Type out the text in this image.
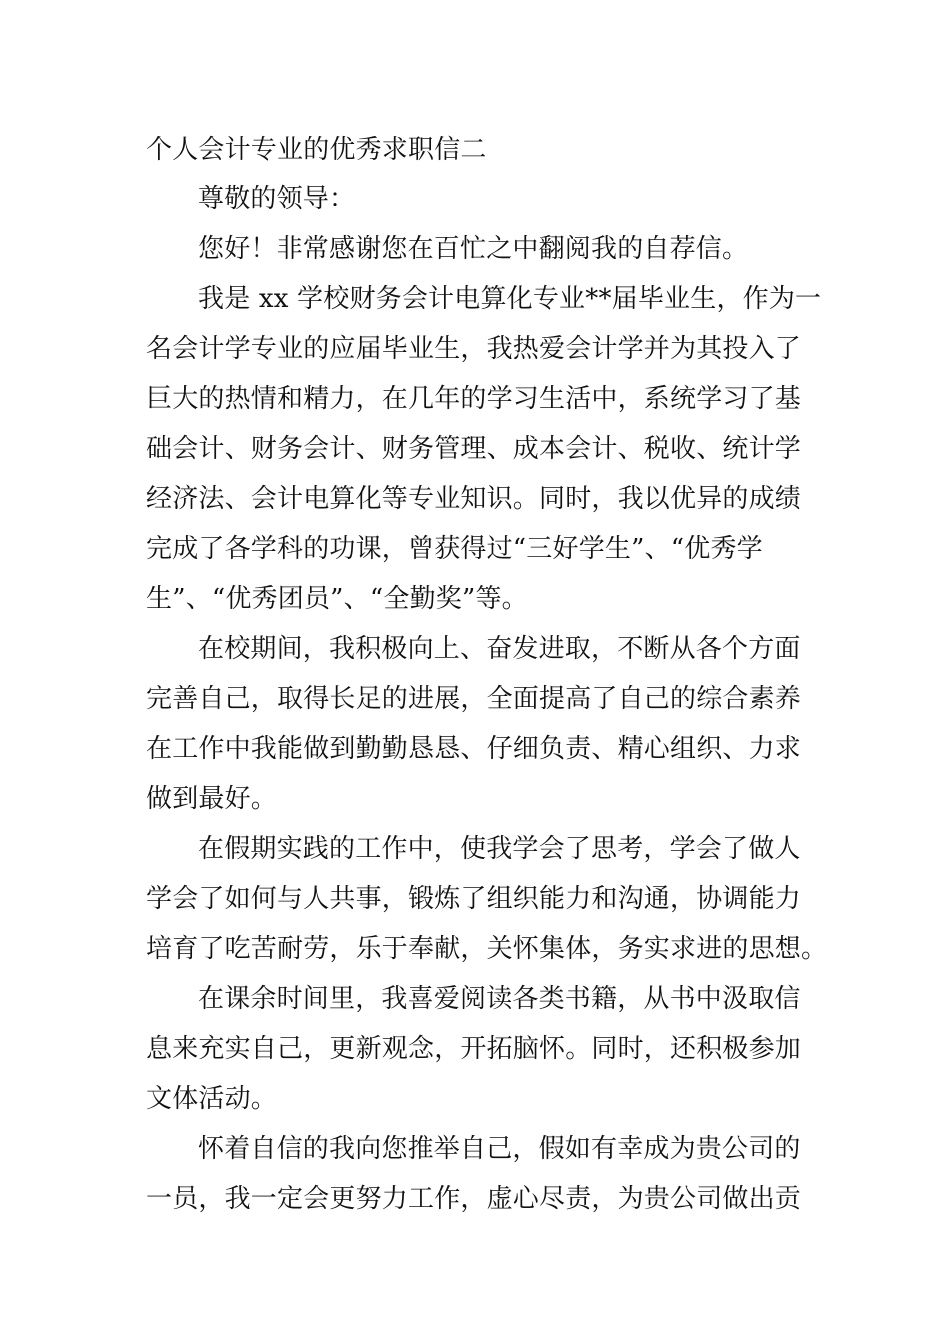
个人会计专业的优秀求职信二
尊敬的领导：
您好！非常感谢您在百忙之中翻阅我的自荐信。
我是 xx 学校财务会计电算化专业**届毕业生，作为一
名会计学专业的应届毕业生，我热爱会计学并为其投入了
巨大的热情和精力，在几年的学习生活中，系统学习了基
础会计、财务会计、财务管理、成本会计、税收、统计学
经济法、会计电算化等专业知识。同时，我以优异的成绩
完成了各学科的功课，曾获得过“三好学生”、“优秀学
生”、“优秀团员”、“全勤奖”等。
在校期间，我积极向上、奋发进取，不断从各个方面
完善自己，取得长足的进展，全面提高了自己的综合素养
在工作中我能做到勤勤恳恳、仔细负责、精心组织、力求
做到最好。
在假期实践的工作中，使我学会了思考，学会了做人
学会了如何与人共事，锻炼了组织能力和沟通，协调能力
培育了吃苦耐劳，乐于奉献，关怀集体，务实求进的思想。
在课余时间里，我喜爱阅读各类书籍，从书中汲取信
息来充实自己，更新观念，开拓脑怀。同时，还积极参加
文体活动。
怀着自信的我向您推举自己，假如有幸成为贵公司的
一员，我一定会更努力工作，虚心尽责，为贵公司做出贡
